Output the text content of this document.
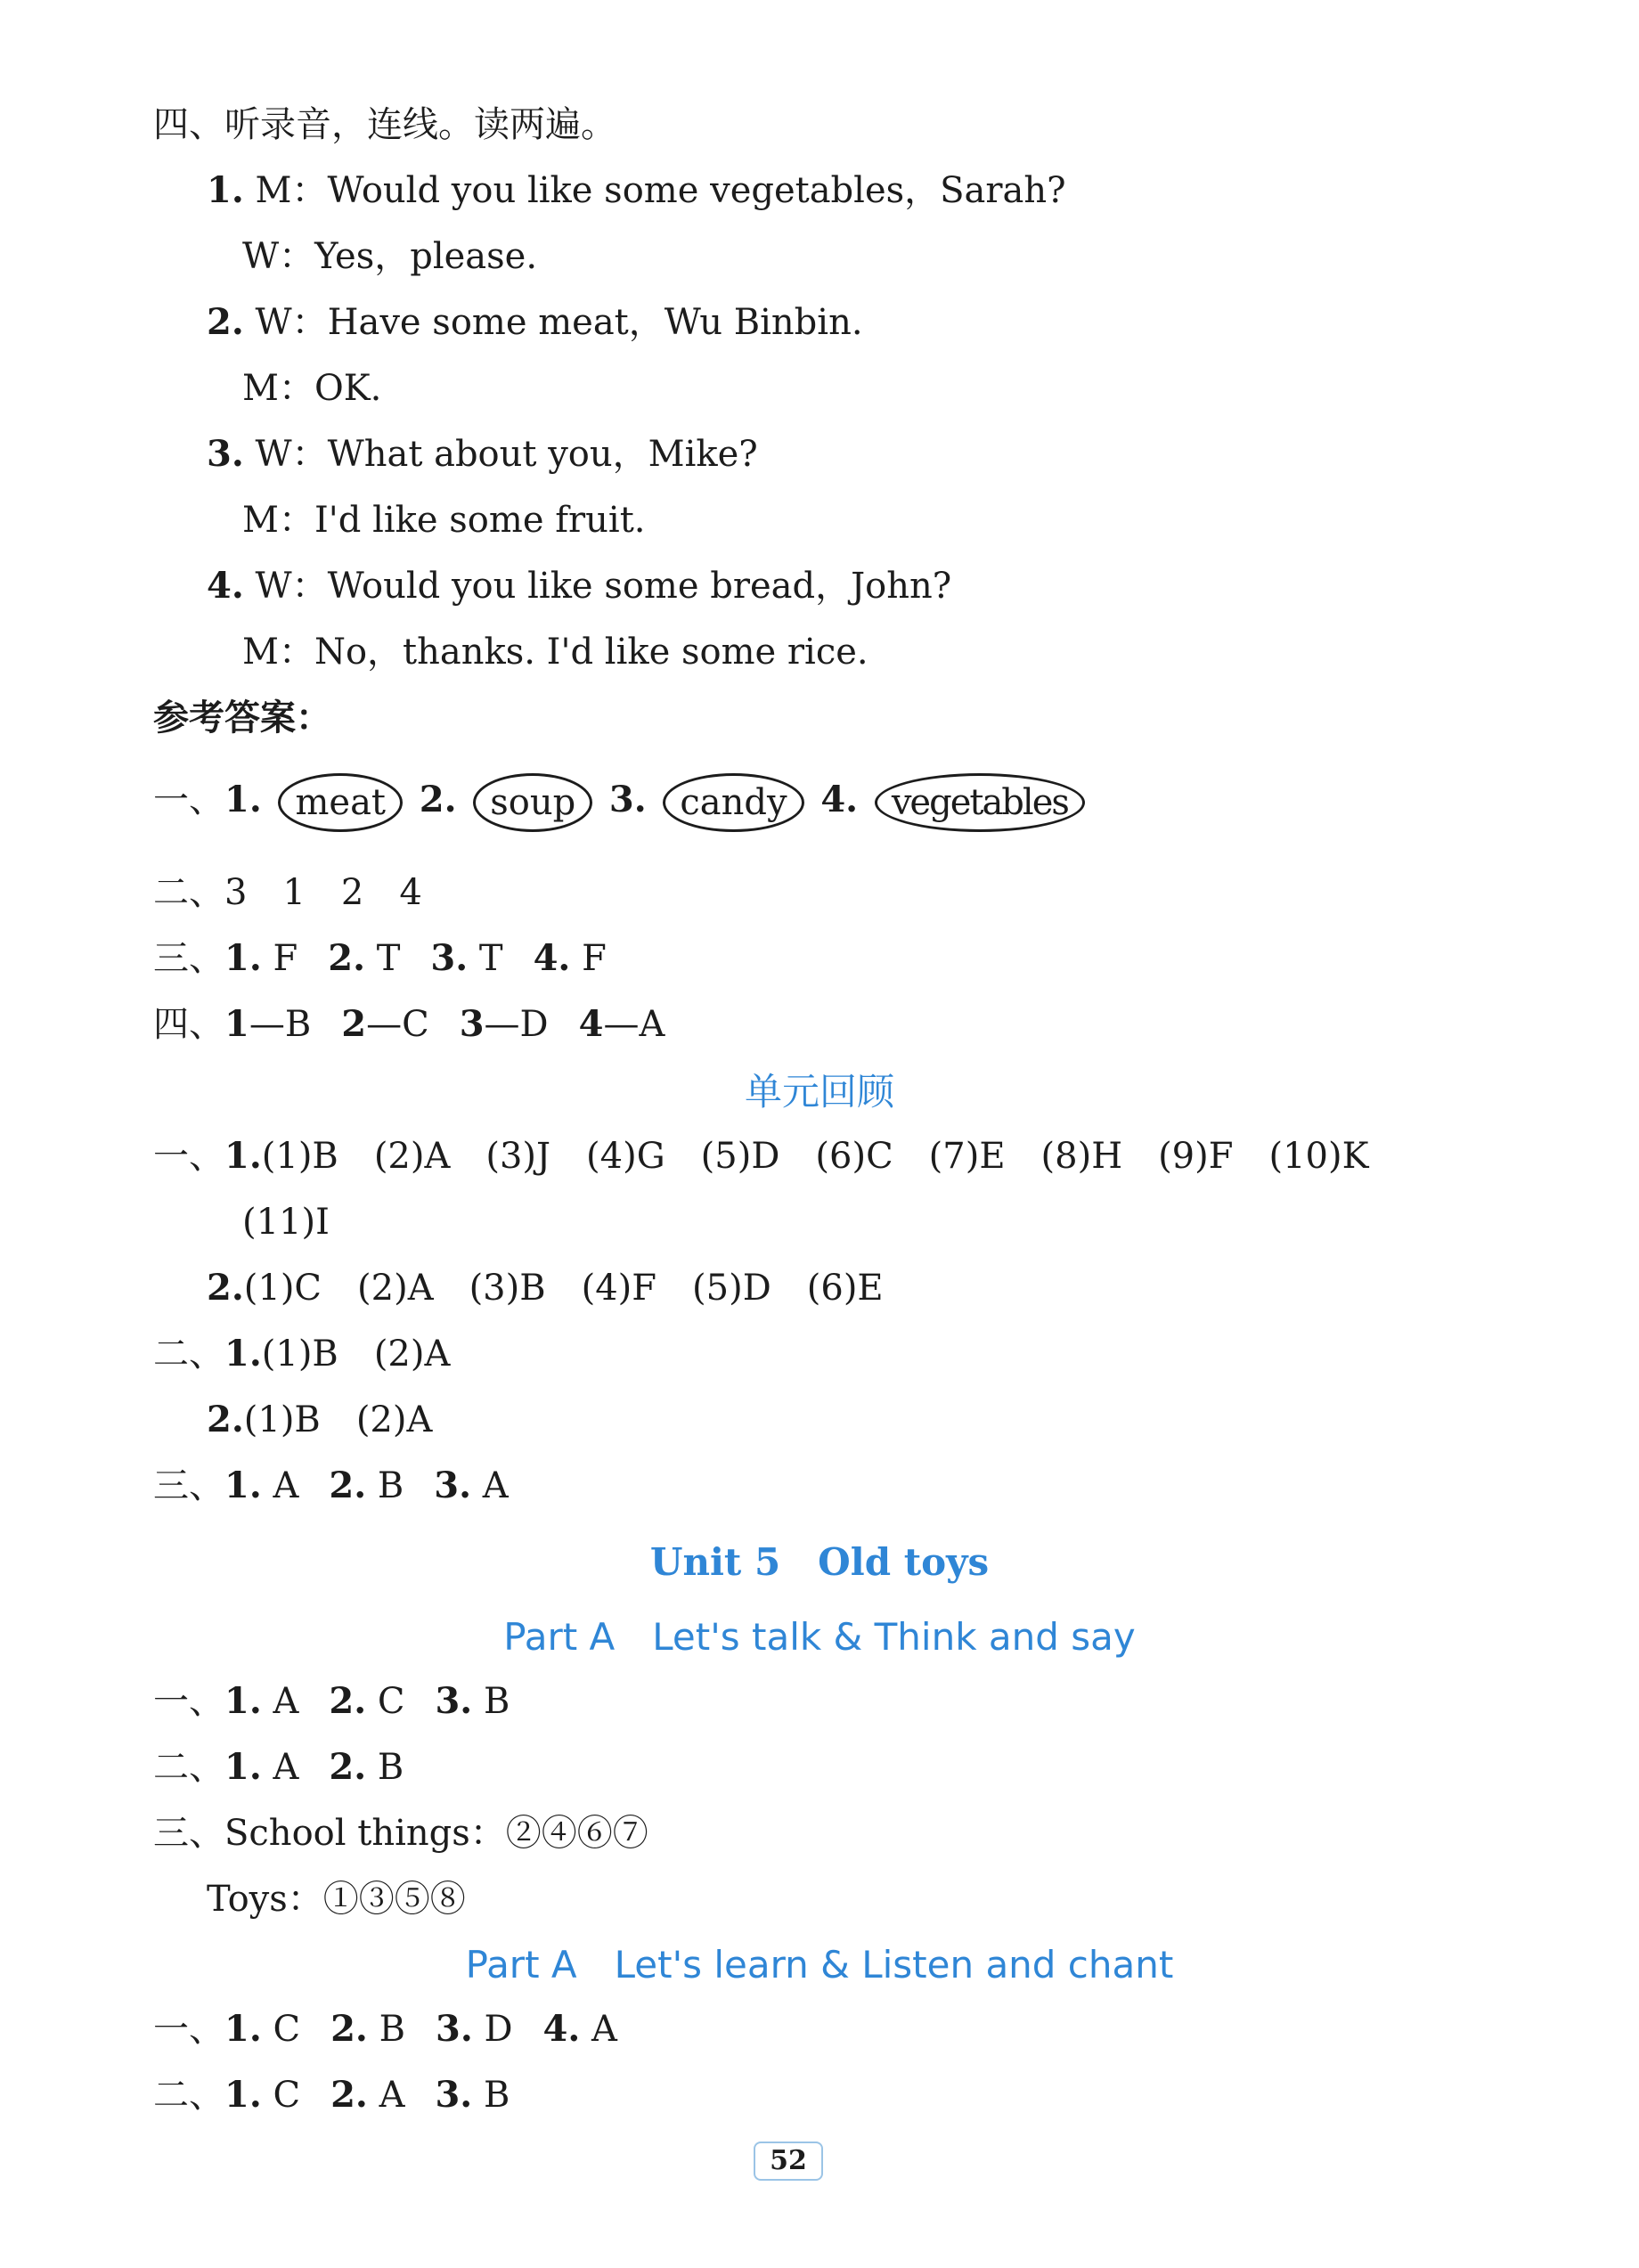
四、听录音，连线。读两遍。
1. M：Would you like some vegetables，Sarah?
W：Yes，please.
2. W：Have some meat，Wu Binbin.
M：OK.
3. W：What about you，Mike?
M：I'd like some fruit.
4. W：Would you like some bread，John?
M：No，thanks. I'd like some rice.
参考答案：
一、1. meat 2. soup 3. candy 4. vegetables
二、3　1　2　4
三、1. F 2. T 3. T 4. F
四、1—B 2—C 3—D 4—A
单元回顾
一、1.(1)B　(2)A　(3)J　(4)G　(5)D　(6)C　(7)E　(8)H　(9)F　(10)K
(11)I
2.(1)C　(2)A　(3)B　(4)F　(5)D　(6)E
二、1.(1)B　(2)A
2.(1)B　(2)A
三、1. A 2. B 3. A
Unit 5　Old toys
Part A　Let's talk & Think and say
一、1. A 2. C 3. B
二、1. A 2. B
三、School things：②④⑥⑦
Toys：①③⑤⑧
Part A　Let's learn & Listen and chant
一、1. C 2. B 3. D 4. A
二、1. C 2. A 3. B
52
